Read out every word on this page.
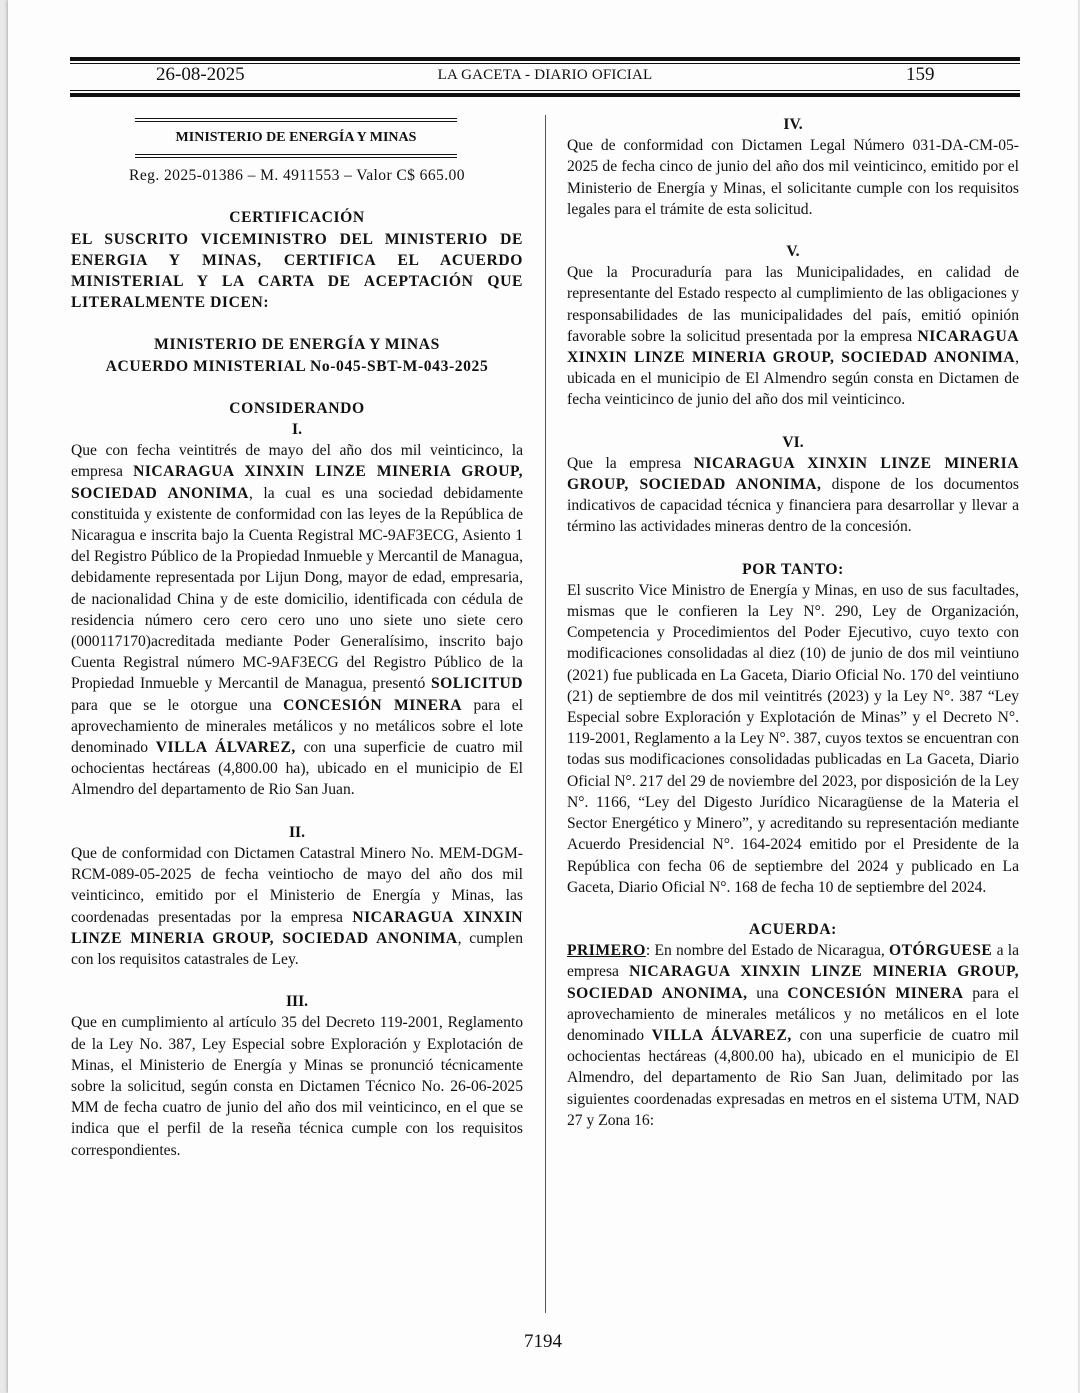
26-08-2025	LA GACETA - DIARIO OFICIAL	159
MINISTERIO DE ENERGÍA Y MINAS

Reg. 2025-01386 – M. 4911553 – Valor C$ 665.00

CERTIFICACIÓN

EL SUSCRITO VICEMINISTRO DEL MINISTERIO DE ENERGIA Y MINAS, CERTIFICA EL ACUERDO MINISTERIAL Y LA CARTA DE ACEPTACIÓN QUE LITERALMENTE DICEN:

MINISTERIO DE ENERGÍA Y MINAS

ACUERDO MINISTERIAL No-045-SBT-M-043-2025

CONSIDERANDO

I.

Que con fecha veintitrés de mayo del año dos mil veinticinco, la empresa NICARAGUA XINXIN LINZE MINERIA GROUP, SOCIEDAD ANONIMA, la cual es una sociedad debidamente constituida y existente de conformidad con las leyes de la República de Nicaragua e inscrita bajo la Cuenta Registral MC-9AF3ECG, Asiento 1 del Registro Público de la Propiedad Inmueble y Mercantil de Managua, debidamente representada por Lijun Dong, mayor de edad, empresaria, de nacionalidad China y de este domicilio, identificada con cédula de residencia número cero cero cero uno uno siete uno siete cero (000117170)acreditada mediante Poder Generalísimo, inscrito bajo Cuenta Registral número MC-9AF3ECG del Registro Público de la Propiedad Inmueble y Mercantil de Managua, presentó SOLICITUD para que se le otorgue una CONCESIÓN MINERA para el aprovechamiento de minerales metálicos y no metálicos sobre el lote denominado VILLA ÁLVAREZ, con una superficie de cuatro mil ochocientas hectáreas (4,800.00 ha), ubicado en el municipio de El Almendro del departamento de Rio San Juan.

II.

Que de conformidad con Dictamen Catastral Minero No. MEM-DGM-RCM-089-05-2025 de fecha veintiocho de mayo del año dos mil veinticinco, emitido por el Ministerio de Energía y Minas, las coordenadas presentadas por la empresa NICARAGUA XINXIN LINZE MINERIA GROUP, SOCIEDAD ANONIMA, cumplen con los requisitos catastrales de Ley.

III.

Que en cumplimiento al artículo 35 del Decreto 119-2001, Reglamento de la Ley No. 387, Ley Especial sobre Exploración y Explotación de Minas, el Ministerio de Energía y Minas se pronunció técnicamente sobre la solicitud, según consta en Dictamen Técnico No. 26-06-2025 MM de fecha cuatro de junio del año dos mil veinticinco, en el que se indica que el perfil de la reseña técnica cumple con los requisitos correspondientes.

IV.

Que de conformidad con Dictamen Legal Número 031-DA-CM-05-2025 de fecha cinco de junio del año dos mil veinticinco, emitido por el Ministerio de Energía y Minas, el solicitante cumple con los requisitos legales para el trámite de esta solicitud.

V.

Que la Procuraduría para las Municipalidades, en calidad de representante del Estado respecto al cumplimiento de las obligaciones y responsabilidades de las municipalidades del país, emitió opinión favorable sobre la solicitud presentada por la empresa NICARAGUA XINXIN LINZE MINERIA GROUP, SOCIEDAD ANONIMA, ubicada en el municipio de El Almendro según consta en Dictamen de fecha veinticinco de junio del año dos mil veinticinco.

VI.

Que la empresa NICARAGUA XINXIN LINZE MINERIA GROUP, SOCIEDAD ANONIMA, dispone de los documentos indicativos de capacidad técnica y financiera para desarrollar y llevar a término las actividades mineras dentro de la concesión.

POR TANTO:

El suscrito Vice Ministro de Energía y Minas, en uso de sus facultades, mismas que le confieren la Ley N°. 290, Ley de Organización, Competencia y Procedimientos del Poder Ejecutivo, cuyo texto con modificaciones consolidadas al diez (10) de junio de dos mil veintiuno (2021) fue publicada en La Gaceta, Diario Oficial No. 170 del veintiuno (21) de septiembre de dos mil veintitrés (2023) y la Ley N°. 387 “Ley Especial sobre Exploración y Explotación de Minas” y el Decreto N°. 119-2001, Reglamento a la Ley N°. 387, cuyos textos se encuentran con todas sus modificaciones consolidadas publicadas en La Gaceta, Diario Oficial N°. 217 del 29 de noviembre del 2023, por disposición de la Ley N°. 1166, “Ley del Digesto Jurídico Nicaragüense de la Materia el Sector Energético y Minero”, y acreditando su representación mediante Acuerdo Presidencial N°. 164-2024 emitido por el Presidente de la República con fecha 06 de septiembre del 2024 y publicado en La Gaceta, Diario Oficial N°. 168 de fecha 10 de septiembre del 2024.

ACUERDA:

PRIMERO: En nombre del Estado de Nicaragua, OTÓRGUESE a la empresa NICARAGUA XINXIN LINZE MINERIA GROUP, SOCIEDAD ANONIMA, una CONCESIÓN MINERA para el aprovechamiento de minerales metálicos y no metálicos en el lote denominado VILLA ÁLVAREZ, con una superficie de cuatro mil ochocientas hectáreas (4,800.00 ha), ubicado en el municipio de El Almendro, del departamento de Rio San Juan, delimitado por las siguientes coordenadas expresadas en metros en el sistema UTM, NAD 27 y Zona 16:

7194
